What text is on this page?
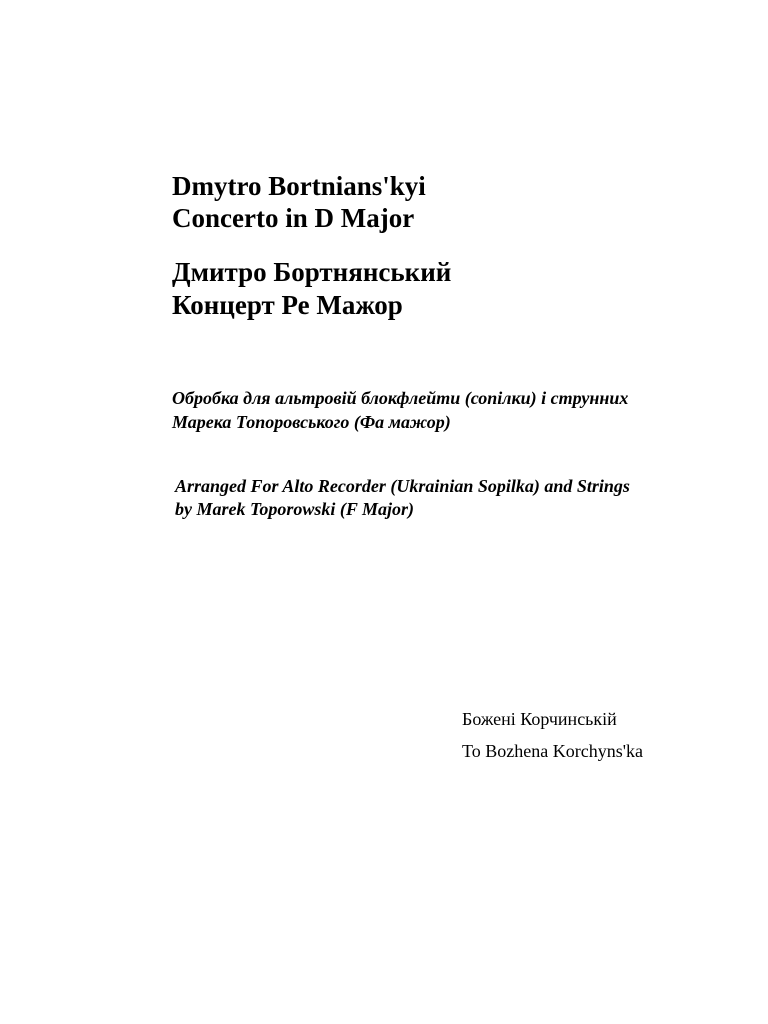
Dmytro Bortnians'kyi
Concerto in D Major
Дмитро Бортнянський
Концерт Ре Мажор
Обробка для альтровій блокфлейти (сопілки) і струнних
Марека Топоровського (Фа мажор)
Arranged For Alto Recorder (Ukrainian Sopilka) and Strings
by Marek Toporowski (F Major)
Божені Корчинській
To Bozhena Korchyns'ka
